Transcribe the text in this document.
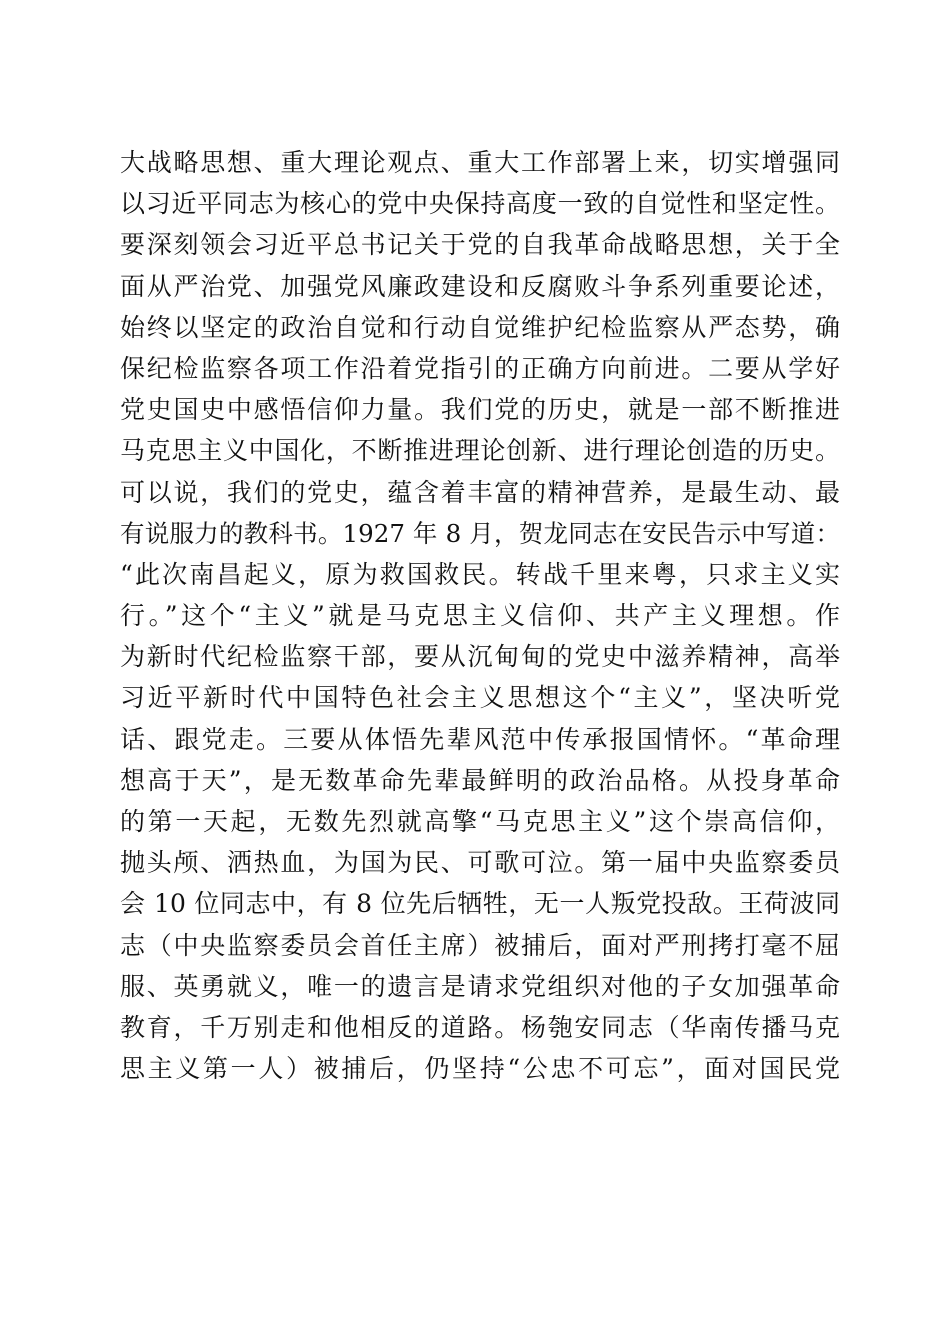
大战略思想、重大理论观点、重大工作部署上来，切实增强同
以习近平同志为核心的党中央保持高度一致的自觉性和坚定性。
要深刻领会习近平总书记关于党的自我革命战略思想，关于全
面从严治党、加强党风廉政建设和反腐败斗争系列重要论述，
始终以坚定的政治自觉和行动自觉维护纪检监察从严态势，确
保纪检监察各项工作沿着党指引的正确方向前进。二要从学好
党史国史中感悟信仰力量。我们党的历史，就是一部不断推进
马克思主义中国化，不断推进理论创新、进行理论创造的历史。
可以说，我们的党史，蕴含着丰富的精神营养，是最生动、最
有说服力的教科书。1927 年 8 月，贺龙同志在安民告示中写道：
“此次南昌起义，原为救国救民。转战千里来粤，只求主义实
行。”这个“主义”就是马克思主义信仰、共产主义理想。作
为新时代纪检监察干部，要从沉甸甸的党史中滋养精神，高举
习近平新时代中国特色社会主义思想这个“主义”，坚决听党
话、跟党走。三要从体悟先辈风范中传承报国情怀。“革命理
想高于天”，是无数革命先辈最鲜明的政治品格。从投身革命
的第一天起，无数先烈就高擎“马克思主义”这个崇高信仰，
抛头颅、洒热血，为国为民、可歌可泣。第一届中央监察委员
会 10 位同志中，有 8 位先后牺牲，无一人叛党投敌。王荷波同
志（中央监察委员会首任主席）被捕后，面对严刑拷打毫不屈
服、英勇就义，唯一的遗言是请求党组织对他的子女加强革命
教育，千万别走和他相反的道路。杨匏安同志（华南传播马克
思主义第一人）被捕后，仍坚持“公忠不可忘”，面对国民党
